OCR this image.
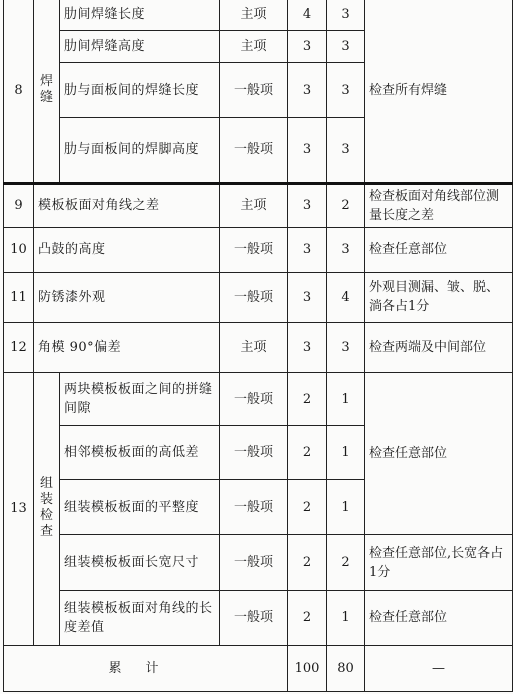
8	焊缝	肋间焊缝长度	主项	4	3	检查所有焊缝
		肋间焊缝高度	主项	3	3	
		肋与面板间的焊缝长度	一般项	3	3	
		肋与面板间的焊脚高度	一般项	3	3	
9	模板板面对角线之差		主项	3	2	检查板面对角线部位测量长度之差
10	凸鼓的高度		一般项	3	3	检查任意部位
11	防锈漆外观		一般项	3	4	外观目测漏、皱、脱、淌各占1分
12	角模 90°偏差		主项	3	3	检查两端及中间部位
13	组装检查	两块模板板面之间的拼缝间隙	一般项	2	1	检查任意部位
		相邻模板板面的高低差	一般项	2	1	
		组装模板板面的平整度	一般项	2	1	
		组装模板板面长宽尺寸	一般项	2	2	检查任意部位,长宽各占1分
		组装模板板面对角线的长度差值	一般项	2	1	检查任意部位
累计				100	80	—
